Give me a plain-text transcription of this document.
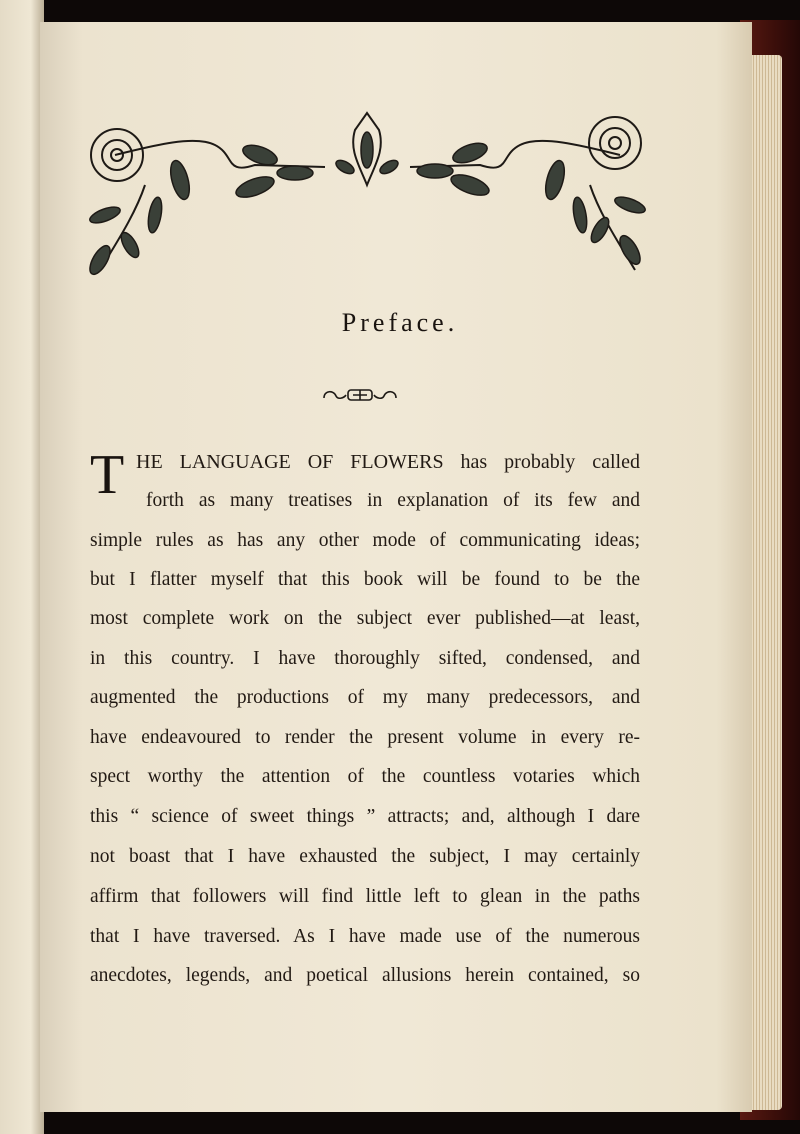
Preface.
T HE LANGUAGE OF FLOWERS has probably called
forth as many treatises in explanation of its few and
simple rules as has any other mode of communicating ideas;
but I flatter myself that this book will be found to be the
most complete work on the subject ever published—at least,
in this country. I have thoroughly sifted, condensed, and
augmented the productions of my many predecessors, and
have endeavoured to render the present volume in every re-
spect worthy the attention of the countless votaries which
this “ science of sweet things ” attracts; and, although I dare
not boast that I have exhausted the subject, I may certainly
affirm that followers will find little left to glean in the paths
that I have traversed. As I have made use of the numerous
anecdotes, legends, and poetical allusions herein contained, so
